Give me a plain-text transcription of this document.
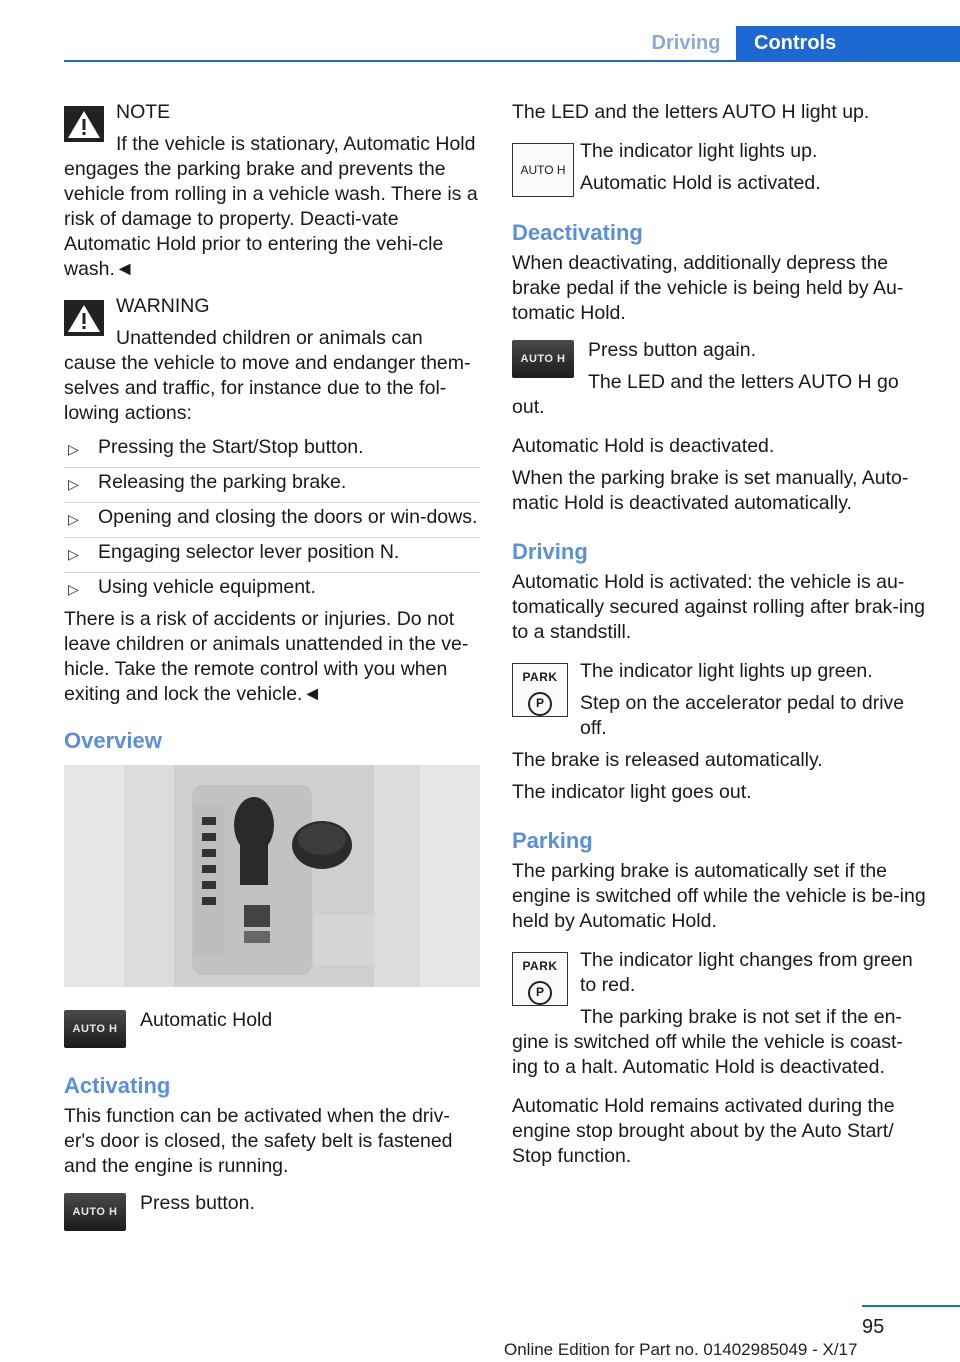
Driving	Controls

NOTE

If the vehicle is stationary, Automatic Hold engages the parking brake and prevents the vehicle from rolling in a vehicle wash. There is a risk of damage to property. Deacti-vate Automatic Hold prior to entering the vehi-cle wash.◄

WARNING

Unattended children or animals can cause the vehicle to move and endanger them-selves and traffic, for instance due to the fol-lowing actions:

▷ Pressing the Start/Stop button.
▷ Releasing the parking brake.
▷ Opening and closing the doors or win-dows.
▷ Engaging selector lever position N.
▷ Using vehicle equipment.

There is a risk of accidents or injuries. Do not leave children or animals unattended in the ve-hicle. Take the remote control with you when exiting and lock the vehicle.◄

Overview
AUTO H	Automatic Hold

Activating

This function can be activated when the driv-er's door is closed, the safety belt is fastened and the engine is running.

AUTO H	Press button.

The LED and the letters AUTO H light up.

AUTO H

The indicator light lights up.

Automatic Hold is activated.

Deactivating

When deactivating, additionally depress the brake pedal if the vehicle is being held by Au-tomatic Hold.

AUTO H	Press button again.

The LED and the letters AUTO H go out.

Automatic Hold is deactivated.

When the parking brake is set manually, Auto-matic Hold is deactivated automatically.

Driving

Automatic Hold is activated: the vehicle is au-tomatically secured against rolling after brak-ing to a standstill.

PARK
P

The indicator light lights up green.

Step on the accelerator pedal to drive off.

The brake is released automatically.

The indicator light goes out.

Parking

The parking brake is automatically set if the engine is switched off while the vehicle is be-ing held by Automatic Hold.

PARK
P

The indicator light changes from green to red.

The parking brake is not set if the en-gine is switched off while the vehicle is coast-ing to a halt. Automatic Hold is deactivated.

Automatic Hold remains activated during the engine stop brought about by the Auto Start/ Stop function.

95
Online Edition for Part no. 01402985049 - X/17
